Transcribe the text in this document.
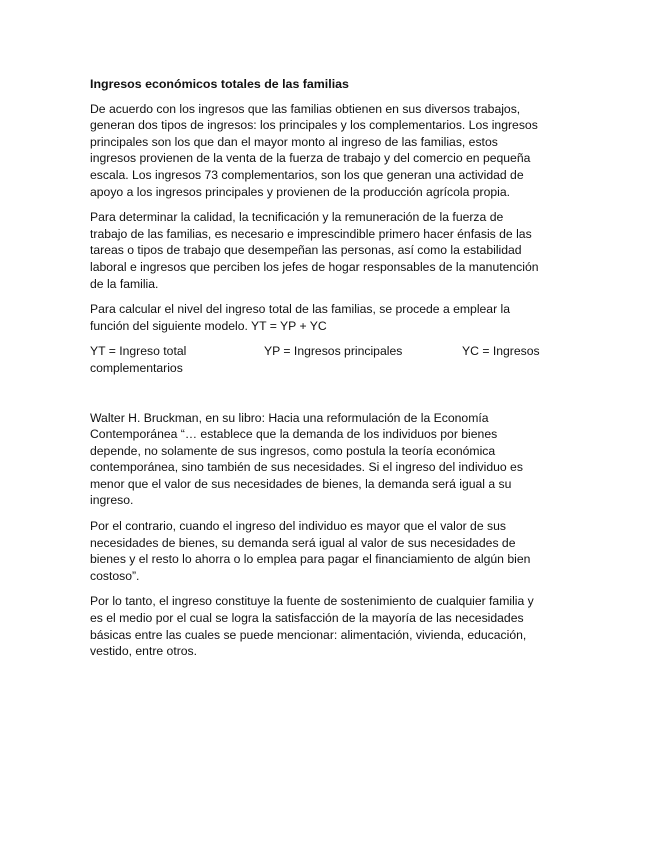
Ingresos económicos totales de las familias
De acuerdo con los ingresos que las familias obtienen en sus diversos trabajos,
generan dos tipos de ingresos: los principales y los complementarios. Los ingresos
principales son los que dan el mayor monto al ingreso de las familias, estos
ingresos provienen de la venta de la fuerza de trabajo y del comercio en pequeña
escala. Los ingresos 73 complementarios, son los que generan una actividad de
apoyo a los ingresos principales y provienen de la producción agrícola propia.
Para determinar la calidad, la tecnificación y la remuneración de la fuerza de
trabajo de las familias, es necesario e imprescindible primero hacer énfasis de las
tareas o tipos de trabajo que desempeñan las personas, así como la estabilidad
laboral e ingresos que perciben los jefes de hogar responsables de la manutención
de la familia.
Para calcular el nivel del ingreso total de las familias, se procede a emplear la
función del siguiente modelo. YT = YP + YC
YT = Ingreso total	YP = Ingresos principales	YC = Ingresos
complementarios
Walter H. Bruckman, en su libro: Hacia una reformulación de la Economía
Contemporánea “… establece que la demanda de los individuos por bienes
depende, no solamente de sus ingresos, como postula la teoría económica
contemporánea, sino también de sus necesidades. Si el ingreso del individuo es
menor que el valor de sus necesidades de bienes, la demanda será igual a su
ingreso.
Por el contrario, cuando el ingreso del individuo es mayor que el valor de sus
necesidades de bienes, su demanda será igual al valor de sus necesidades de
bienes y el resto lo ahorra o lo emplea para pagar el financiamiento de algún bien
costoso”.
Por lo tanto, el ingreso constituye la fuente de sostenimiento de cualquier familia y
es el medio por el cual se logra la satisfacción de la mayoría de las necesidades
básicas entre las cuales se puede mencionar: alimentación, vivienda, educación,
vestido, entre otros.
